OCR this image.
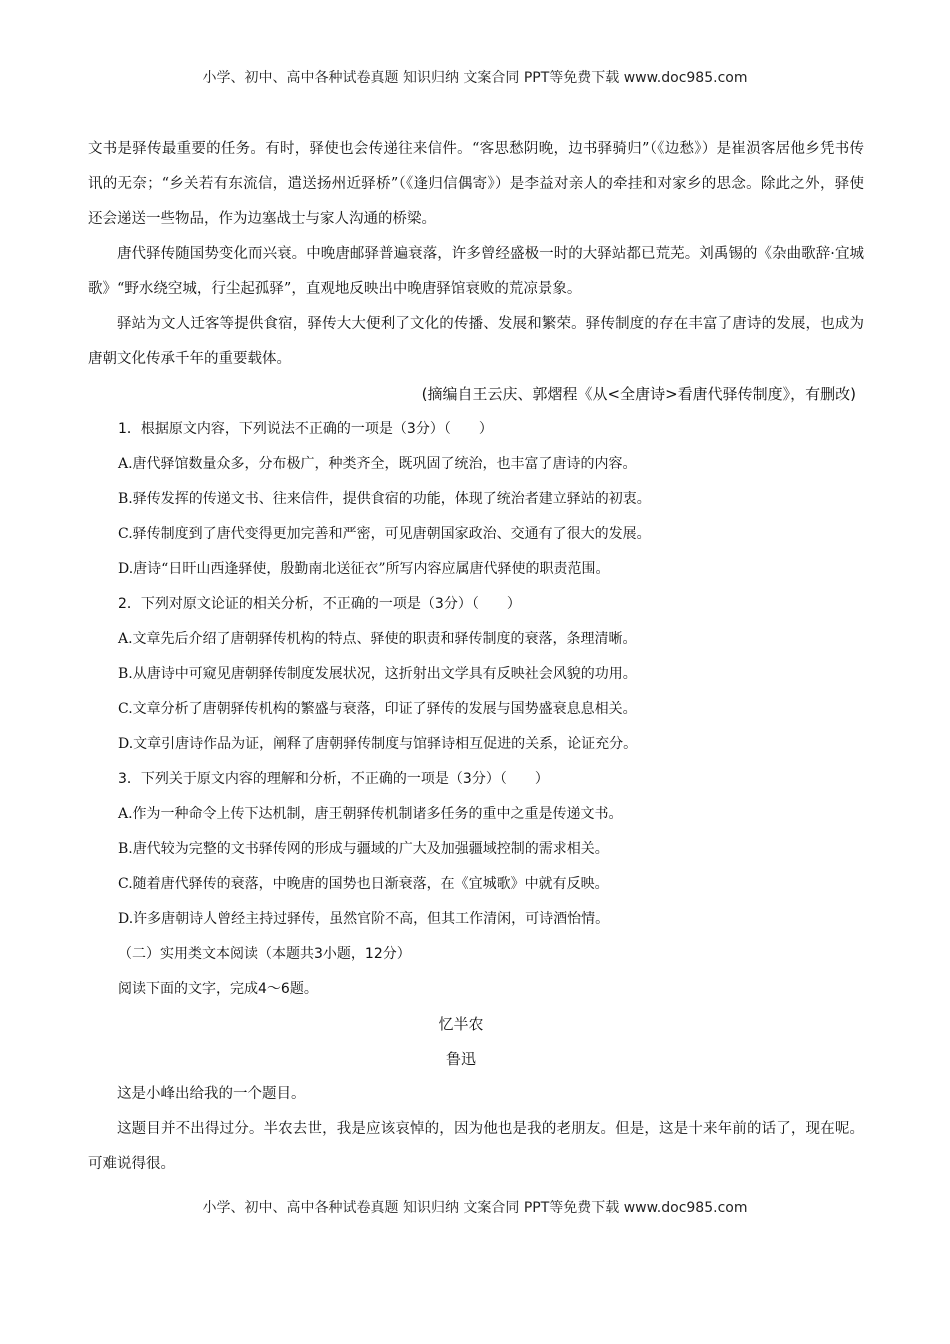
小学、初中、高中各种试卷真题 知识归纳 文案合同 PPT等免费下载 www.doc985.com

文书是驿传最重要的任务。有时，驿使也会传递往来信件。“客思愁阴晚，边书驿骑归”（《边愁》）是崔涢客居他乡凭书传讯的无奈；“乡关若有东流信，遣送扬州近驿桥”（《逢归信偶寄》）是李益对亲人的牵挂和对家乡的思念。除此之外，驿使还会递送一些物品，作为边塞战士与家人沟通的桥梁。

唐代驿传随国势变化而兴衰。中晚唐邮驿普遍衰落，许多曾经盛极一时的大驿站都已荒芜。刘禹锡的《杂曲歌辞·宜城歌》“野水绕空城，行尘起孤驿”，直观地反映出中晚唐驿馆衰败的荒凉景象。

驿站为文人迁客等提供食宿，驿传大大便利了文化的传播、发展和繁荣。驿传制度的存在丰富了唐诗的发展，也成为唐朝文化传承千年的重要载体。

(摘编自王云庆、郭熠程《从<全唐诗>看唐代驿传制度》，有删改)
1．根据原文内容，下列说法不正确的一项是（3分）（　　）
A.唐代驿馆数量众多，分布极广，种类齐全，既巩固了统治，也丰富了唐诗的内容。
B.驿传发挥的传递文书、往来信件，提供食宿的功能，体现了统治者建立驿站的初衷。
C.驿传制度到了唐代变得更加完善和严密，可见唐朝国家政治、交通有了很大的发展。
D.唐诗“日旰山西逢驿使，殷勤南北送征衣”所写内容应属唐代驿使的职责范围。
2．下列对原文论证的相关分析，不正确的一项是（3分）（　　）
A.文章先后介绍了唐朝驿传机构的特点、驿使的职责和驿传制度的衰落，条理清晰。
B.从唐诗中可窥见唐朝驿传制度发展状况，这折射出文学具有反映社会风貌的功用。
C.文章分析了唐朝驿传机构的繁盛与衰落，印证了驿传的发展与国势盛衰息息相关。
D.文章引唐诗作品为证，阐释了唐朝驿传制度与馆驿诗相互促进的关系，论证充分。
3．下列关于原文内容的理解和分析，不正确的一项是（3分）（　　）
A.作为一种命令上传下达机制，唐王朝驿传机制诸多任务的重中之重是传递文书。
B.唐代较为完整的文书驿传网的形成与疆域的广大及加强疆域控制的需求相关。
C.随着唐代驿传的衰落，中晚唐的国势也日渐衰落，在《宜城歌》中就有反映。
D.许多唐朝诗人曾经主持过驿传，虽然官阶不高，但其工作清闲，可诗酒怡情。
（二）实用类文本阅读（本题共3小题，12分）
阅读下面的文字，完成4～6题。
忆半农
鲁迅

这是小峰出给我的一个题目。

这题目并不出得过分。半农去世，我是应该哀悼的，因为他也是我的老朋友。但是，这是十来年前的话了，现在呢。可难说得很。

小学、初中、高中各种试卷真题 知识归纳 文案合同 PPT等免费下载 www.doc985.com
